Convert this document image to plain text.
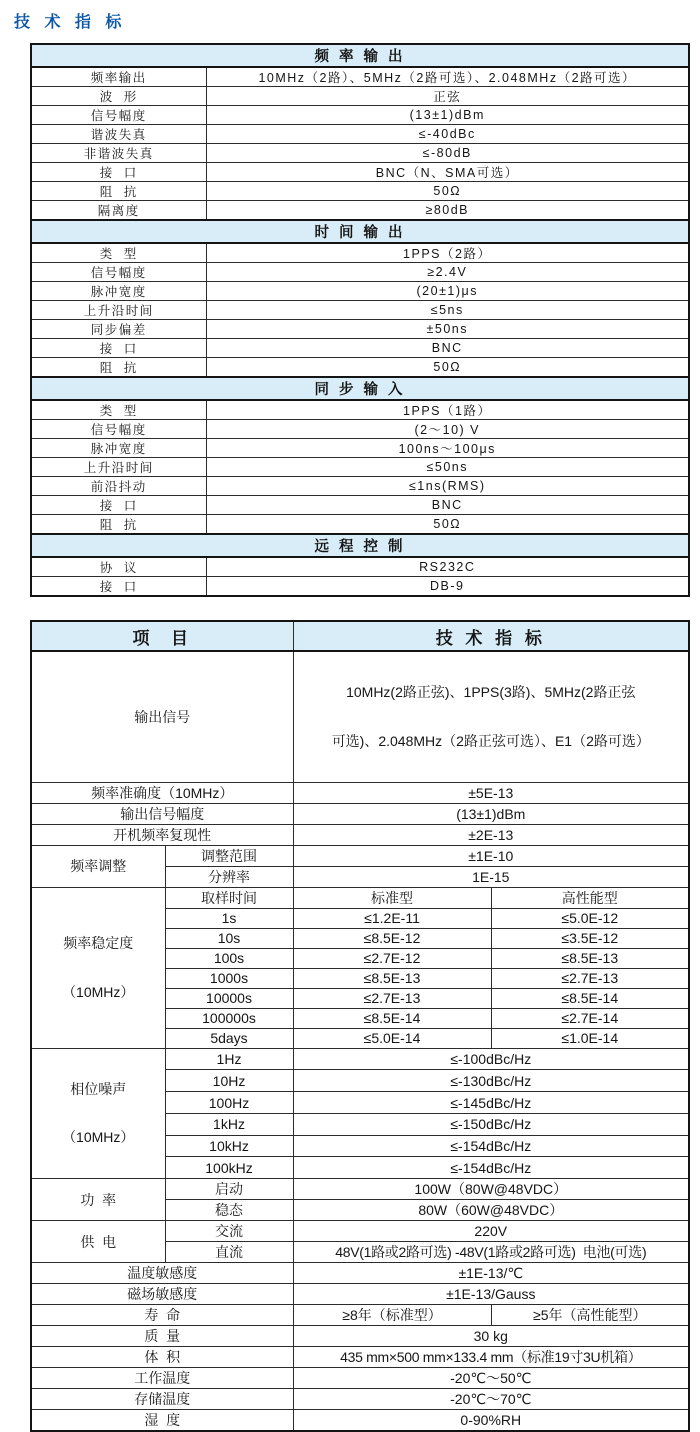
技 术 指 标
频 率 输 出	
频率输出	10MHz（2路）、5MHz（2路可选）、2.048MHz（2路可选）
波  形	正弦
信号幅度	(13±1)dBm
谐波失真	≤-40dBc
非谐波失真	≤-80dB
接  口	BNC（N、SMA可选）
阻  抗	50Ω
隔离度	≥80dB
时 间 输 出	
类  型	1PPS（2路）
信号幅度	≥2.4V
脉冲宽度	(20±1)μs
上升沿时间	≤5ns
同步偏差	±50ns
接  口	BNC
阻  抗	50Ω
同 步 输 入	
类  型	1PPS（1路）
信号幅度	(2～10) V
脉冲宽度	100ns～100μs
上升沿时间	≤50ns
前沿抖动	≤1ns(RMS)
接  口	BNC
阻  抗	50Ω
远 程 控 制	
协  议	RS232C
接  口	DB-9
项  目		技 术 指 标	
输出信号		10MHz(2路正弦)、1PPS(3路)、5MHz(2路正弦

可选)、2.048MHz（2路正弦可选）、E1（2路可选）	

频率准确度（10MHz）		±5E-13	
输出信号幅度		(13±1)dBm	
开机频率复现性		±2E-13	
频率调整	调整范围	±1E-10	
	分辨率	1E-15	

频率稳定度

（10MHz）	取样时间	标准型	高性能型
	1s	≤1.2E-11	≤5.0E-12
	10s	≤8.5E-12	≤3.5E-12
	100s	≤2.7E-12	≤8.5E-13
	1000s	≤8.5E-13	≤2.7E-13
	10000s	≤2.7E-13	≤8.5E-14
	100000s	≤8.5E-14	≤2.7E-14
	5days	≤5.0E-14	≤1.0E-14

相位噪声

（10MHz）	1Hz	≤-100dBc/Hz	
	10Hz	≤-130dBc/Hz	
	100Hz	≤-145dBc/Hz	
	1kHz	≤-150dBc/Hz	
	10kHz	≤-154dBc/Hz	
	100kHz	≤-154dBc/Hz	
功  率	启动	100W（80W@48VDC）	
	稳态	80W（60W@48VDC）	
供  电	交流	220V	
	直流	48V(1路或2路可选) -48V(1路或2路可选)  电池(可选)	
温度敏感度		±1E-13/℃	
磁场敏感度		±1E-13/Gauss	
寿  命		≥8年（标准型）	≥5年（高性能型）
质  量		30 kg	
体  积		435 mm×500 mm×133.4 mm（标准19寸3U机箱）	
工作温度		-20℃～50℃	
存储温度		-20℃～70℃	
湿  度		0-90%RH	
